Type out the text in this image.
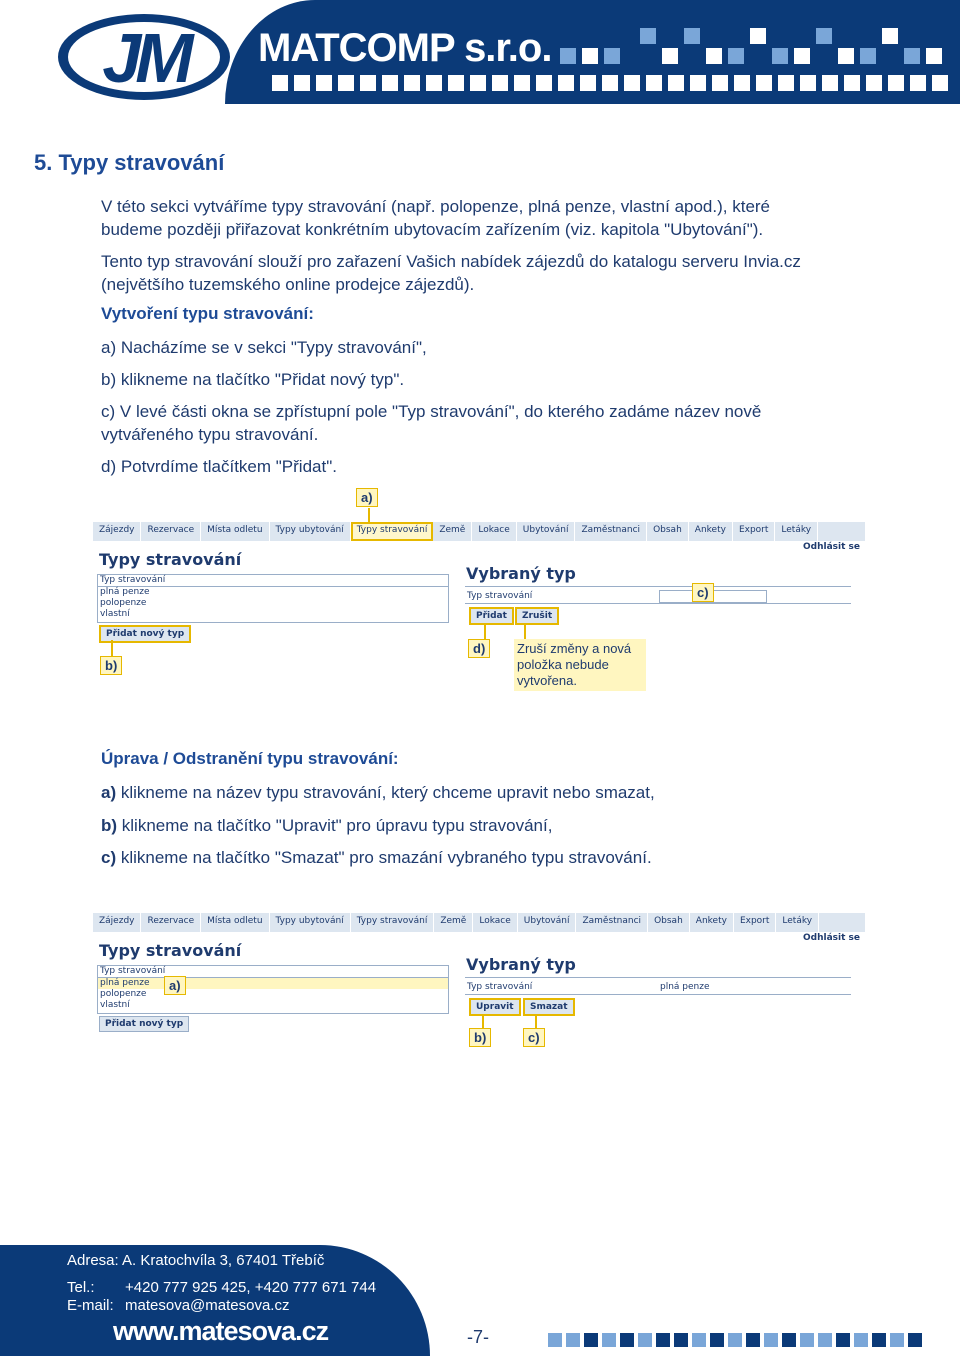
JM	MATCOMP s.r.o.
5. Typy stravování
V této sekci vytváříme typy stravování (např. polopenze, plná penze, vlastní apod.), které
budeme později přiřazovat konkrétním ubytovacím zařízením (viz. kapitola "Ubytování").
Tento typ stravování slouží pro zařazení Vašich nabídek zájezdů do katalogu serveru Invia.cz
(největšího tuzemského online prodejce zájezdů).
Vytvoření typu stravování:
a) Nacházíme se v sekci "Typy stravování",
b) klikneme na tlačítko "Přidat nový typ".
c) V levé části okna se zpřístupní pole "Typ stravování", do kterého zadáme název nově
vytvářeného typu stravování.
d) Potvrdíme tlačítkem "Přidat".
a)
Zájezdy	Rezervace	Místa odletu	Typy ubytování	Typy stravování	Země	Lokace	Ubytování	Zaměstnanci	Obsah	Ankety	Export	Letáky
Odhlásit se
Typy stravování
Typ stravování
plná penze
polopenze
vlastní
Přidat nový typ
Vybraný typ
Typ stravování
Přidat	Zrušit
c)
b)
d)	Zruší změny a nová
položka nebude
vytvořena.
Úprava / Odstranění typu stravování:
a) klikneme na název typu stravování, který chceme upravit nebo smazat,
b) klikneme na tlačítko "Upravit" pro úpravu typu stravování,
c) klikneme na tlačítko "Smazat" pro smazání vybraného typu stravování.
Zájezdy	Rezervace	Místa odletu	Typy ubytování	Typy stravování	Země	Lokace	Ubytování	Zaměstnanci	Obsah	Ankety	Export	Letáky
Odhlásit se
Typy stravování
Typ stravování
plná penze
polopenze
vlastní
Přidat nový typ
Vybraný typ
Typ stravování	plná penze
Upravit	Smazat
a)
b)	c)
Adresa: A. Kratochvíla 3, 67401 Třebíč
Tel.: +420 777 925 425, +420 777 671 744
E-mail: matesova@matesova.cz
www.matesova.cz	-7-
